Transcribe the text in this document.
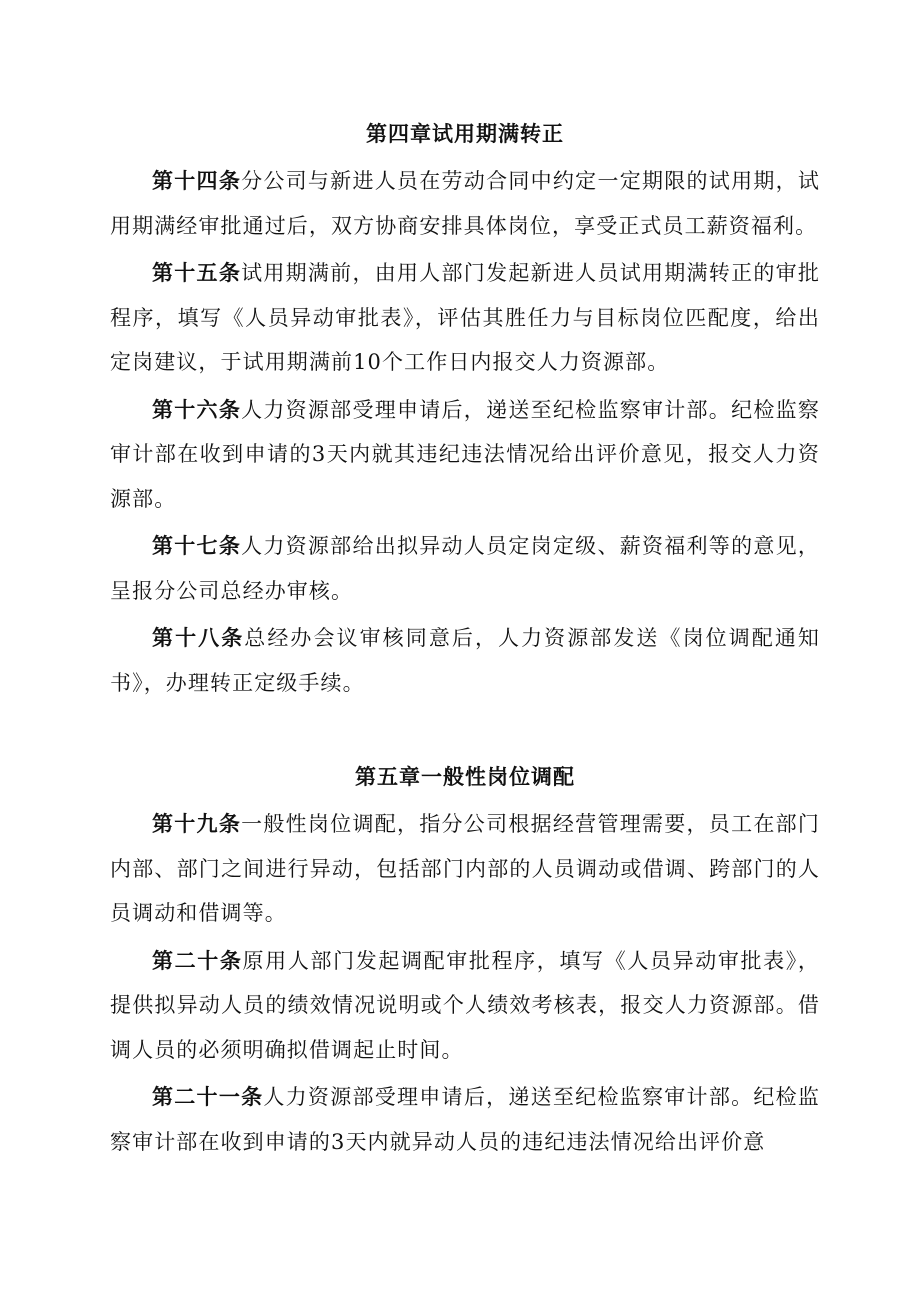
第四章试用期满转正

第十四条分公司与新进人员在劳动合同中约定一定期限的试用期，试用期满经审批通过后，双方协商安排具体岗位，享受正式员工薪资福利。

第十五条试用期满前，由用人部门发起新进人员试用期满转正的审批程序，填写《人员异动审批表》，评估其胜任力与目标岗位匹配度，给出定岗建议，于试用期满前10个工作日内报交人力资源部。

第十六条人力资源部受理申请后，递送至纪检监察审计部。纪检监察审计部在收到申请的3天内就其违纪违法情况给出评价意见，报交人力资源部。

第十七条人力资源部给出拟异动人员定岗定级、薪资福利等的意见，呈报分公司总经办审核。

第十八条总经办会议审核同意后，人力资源部发送《岗位调配通知书》，办理转正定级手续。

第五章一般性岗位调配

第十九条一般性岗位调配，指分公司根据经营管理需要，员工在部门内部、部门之间进行异动，包括部门内部的人员调动或借调、跨部门的人员调动和借调等。

第二十条原用人部门发起调配审批程序，填写《人员异动审批表》，提供拟异动人员的绩效情况说明或个人绩效考核表，报交人力资源部。借调人员的必须明确拟借调起止时间。

第二十一条人力资源部受理申请后，递送至纪检监察审计部。纪检监察审计部在收到申请的3天内就异动人员的违纪违法情况给出评价意
